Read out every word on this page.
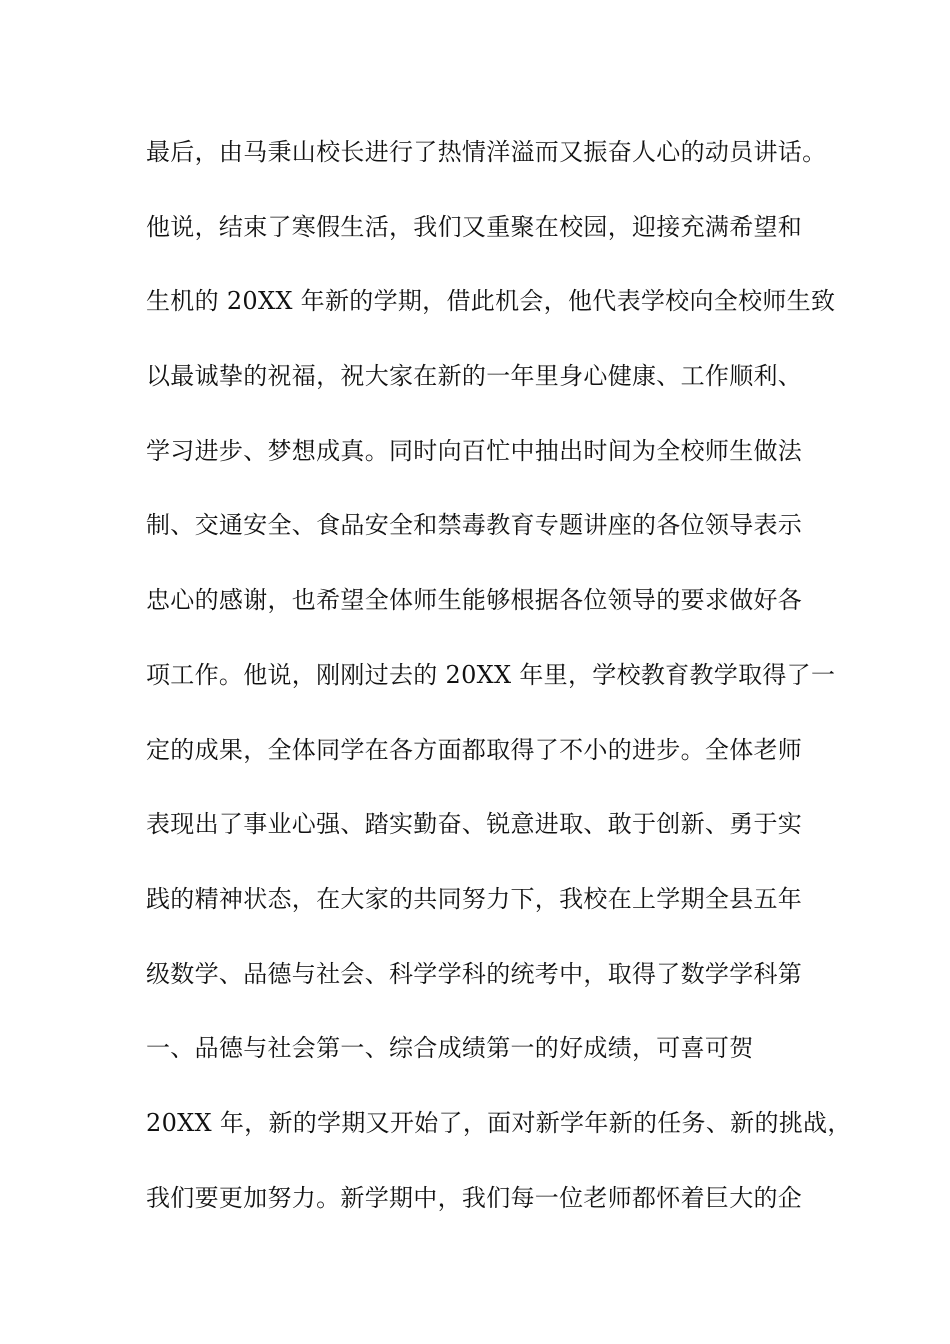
最后，由马秉山校长进行了热情洋溢而又振奋人心的动员讲话。
他说，结束了寒假生活，我们又重聚在校园，迎接充满希望和
生机的 20XX 年新的学期，借此机会，他代表学校向全校师生致
以最诚挚的祝福，祝大家在新的一年里身心健康、工作顺利、
学习进步、梦想成真。同时向百忙中抽出时间为全校师生做法
制、交通安全、食品安全和禁毒教育专题讲座的各位领导表示
忠心的感谢，也希望全体师生能够根据各位领导的要求做好各
项工作。他说，刚刚过去的 20XX 年里，学校教育教学取得了一
定的成果，全体同学在各方面都取得了不小的进步。全体老师
表现出了事业心强、踏实勤奋、锐意进取、敢于创新、勇于实
践的精神状态，在大家的共同努力下，我校在上学期全县五年
级数学、品德与社会、科学学科的统考中，取得了数学学科第
一、品德与社会第一、综合成绩第一的好成绩，可喜可贺
20XX 年，新的学期又开始了，面对新学年新的任务、新的挑战，
我们要更加努力。新学期中，我们每一位老师都怀着巨大的企
